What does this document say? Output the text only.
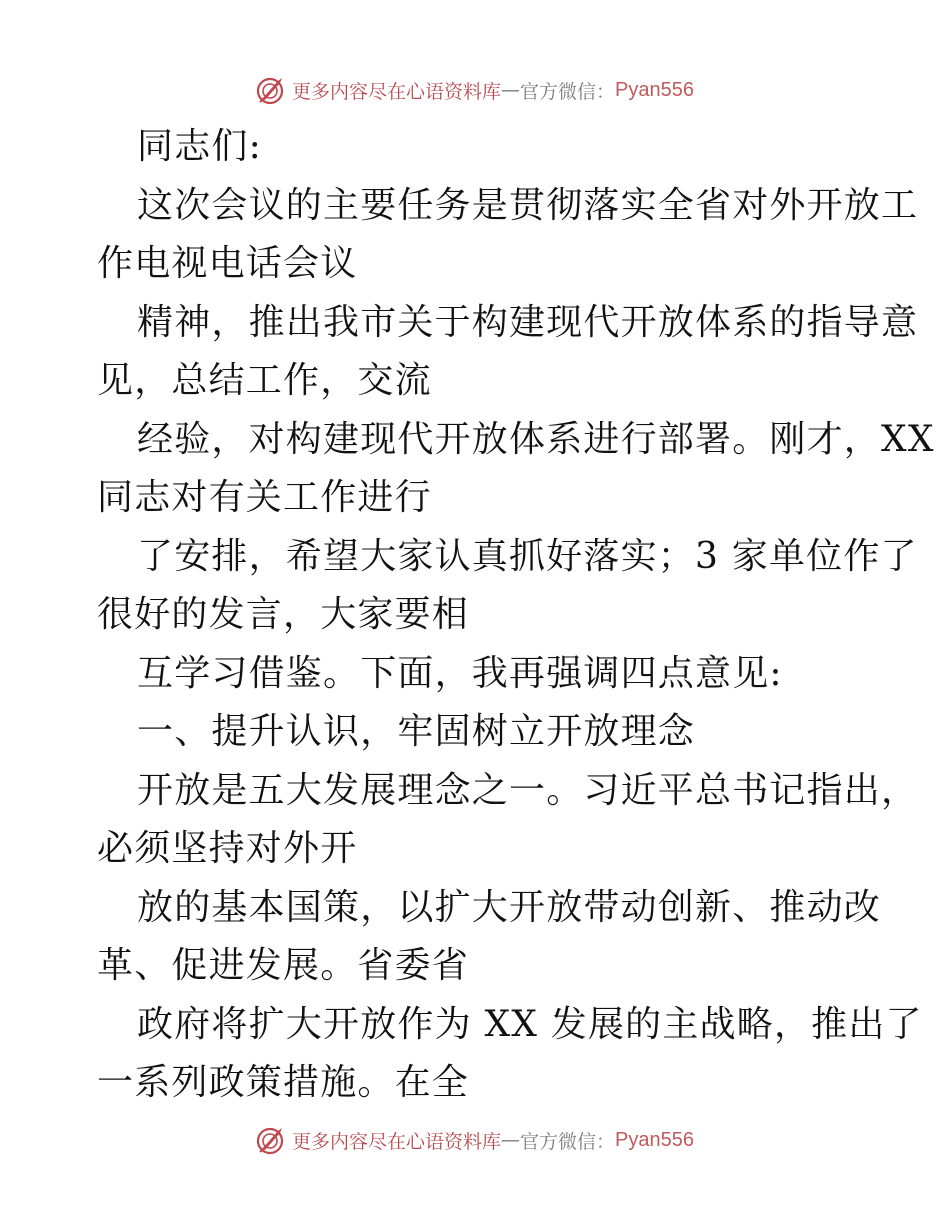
更多内容尽在心语资料库 — 官方微信： Pyan556
同志们:
这次会议的主要任务是贯彻落实全省对外开放工
作电视电话会议
精神，推出我市关于构建现代开放体系的指导意
见，总结工作，交流
经验，对构建现代开放体系进行部署。刚才，XX
同志对有关工作进行
了安排，希望大家认真抓好落实；3 家单位作了
很好的发言，大家要相
互学习借鉴。下面，我再强调四点意见:
一、提升认识，牢固树立开放理念
开放是五大发展理念之一。习近平总书记指出，
必须坚持对外开
放的基本国策，以扩大开放带动创新、推动改
革、促进发展。省委省
政府将扩大开放作为 XX 发展的主战略，推出了
一系列政策措施。在全
更多内容尽在心语资料库 — 官方微信： Pyan556
